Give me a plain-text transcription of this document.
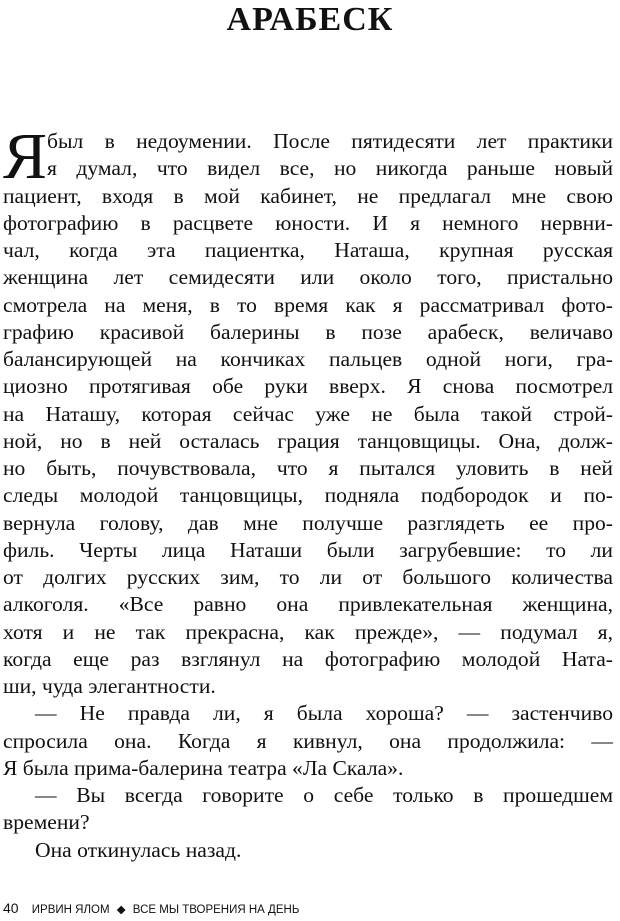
АРАБЕСК
Я был в недоумении. После пятидесяти лет практики
я думал, что видел все, но никогда раньше новый
пациент, входя в мой кабинет, не предлагал мне свою
фотографию в расцвете юности. И я немного нервни-
чал, когда эта пациентка, Наташа, крупная русская
женщина лет семидесяти или около того, пристально
смотрела на меня, в то время как я рассматривал фото-
графию красивой балерины в позе арабеск, величаво
балансирующей на кончиках пальцев одной ноги, гра-
циозно протягивая обе руки вверх. Я снова посмотрел
на Наташу, которая сейчас уже не была такой строй-
ной, но в ней осталась грация танцовщицы. Она, долж-
но быть, почувствовала, что я пытался уловить в ней
следы молодой танцовщицы, подняла подбородок и по-
вернула голову, дав мне получше разглядеть ее про-
филь. Черты лица Наташи были загрубевшие: то ли
от долгих русских зим, то ли от большого количества
алкоголя. «Все равно она привлекательная женщина,
хотя и не так прекрасна, как прежде», — подумал я,
когда еще раз взглянул на фотографию молодой Ната-
ши, чуда элегантности.
— Не правда ли, я была хороша? — застенчиво
спросила она. Когда я кивнул, она продолжила: —
Я была прима-балерина театра «Ла Скала».
— Вы всегда говорите о себе только в прошедшем
времени?
Она откинулась назад.
40 ИРВИН ЯЛОМ ◆ ВСЕ МЫ ТВОРЕНИЯ НА ДЕНЬ
